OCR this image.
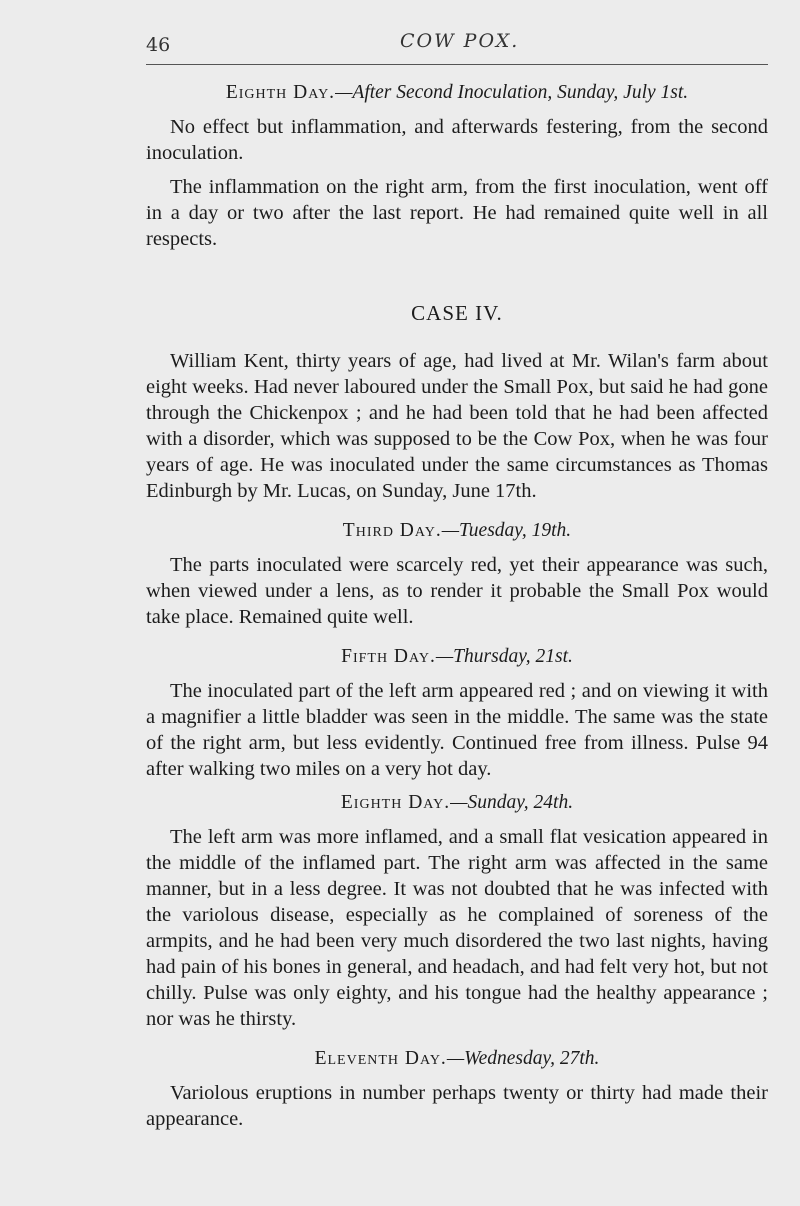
46	COW POX.
Eighth Day.—After Second Inoculation, Sunday, July 1st.

No effect but inflammation, and afterwards festering, from the second inoculation.

The inflammation on the right arm, from the first inoculation, went off in a day or two after the last report. He had remained quite well in all respects.

CASE IV.

William Kent, thirty years of age, had lived at Mr. Wilan's farm about eight weeks. Had never laboured under the Small Pox, but said he had gone through the Chickenpox ; and he had been told that he had been affected with a disorder, which was supposed to be the Cow Pox, when he was four years of age. He was inoculated under the same circumstances as Thomas Edinburgh by Mr. Lucas, on Sunday, June 17th.

Third Day.—Tuesday, 19th.

The parts inoculated were scarcely red, yet their appearance was such, when viewed under a lens, as to render it probable the Small Pox would take place. Remained quite well.

Fifth Day.—Thursday, 21st.

The inoculated part of the left arm appeared red ; and on viewing it with a magnifier a little bladder was seen in the middle. The same was the state of the right arm, but less evidently. Continued free from illness. Pulse 94 after walking two miles on a very hot day.

Eighth Day.—Sunday, 24th.

The left arm was more inflamed, and a small flat vesication appeared in the middle of the inflamed part. The right arm was affected in the same manner, but in a less degree. It was not doubted that he was infected with the variolous disease, especially as he complained of soreness of the armpits, and he had been very much disordered the two last nights, having had pain of his bones in general, and headach, and had felt very hot, but not chilly. Pulse was only eighty, and his tongue had the healthy appearance ; nor was he thirsty.

Eleventh Day.—Wednesday, 27th.

Variolous eruptions in number perhaps twenty or thirty had made their appearance.
